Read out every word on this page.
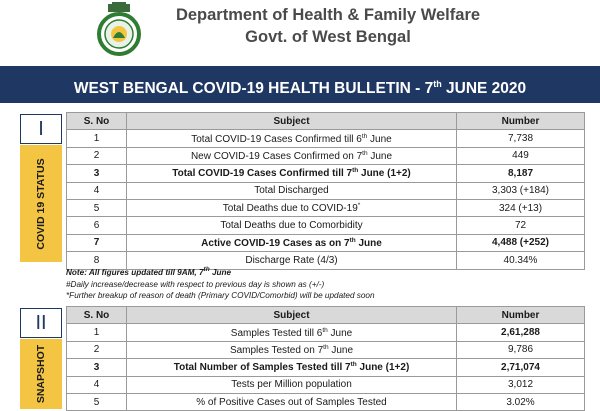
Department of Health & Family Welfare
Govt. of West Bengal
WEST BENGAL COVID-19 HEALTH BULLETIN - 7th JUNE 2020
I
COVID 19 STATUS
S. No	Subject	Number
1	Total COVID-19 Cases Confirmed till 6th June	7,738
2	New COVID-19 Cases Confirmed on 7th June	449
3	Total COVID-19 Cases Confirmed till 7th June (1+2)	8,187
4	Total Discharged	3,303 (+184)
5	Total Deaths due to COVID-19*	324 (+13)
6	Total Deaths due to Comorbidity	72
7	Active COVID-19 Cases as on 7th June	4,488 (+252)
8	Discharge Rate (4/3)	40.34%
Note: All figures updated till 9AM, 7th June
#Daily increase/decrease with respect to previous day is shown as (+/-)
*Further breakup of reason of death (Primary COVID/Comorbid) will be updated soon
II
SNAPSHOT
S. No	Subject	Number
1	Samples Tested till 6th June	2,61,288
2	Samples Tested on 7th June	9,786
3	Total Number of Samples Tested till 7th June (1+2)	2,71,074
4	Tests per Million population	3,012
5	% of Positive Cases out of Samples Tested	3.02%
